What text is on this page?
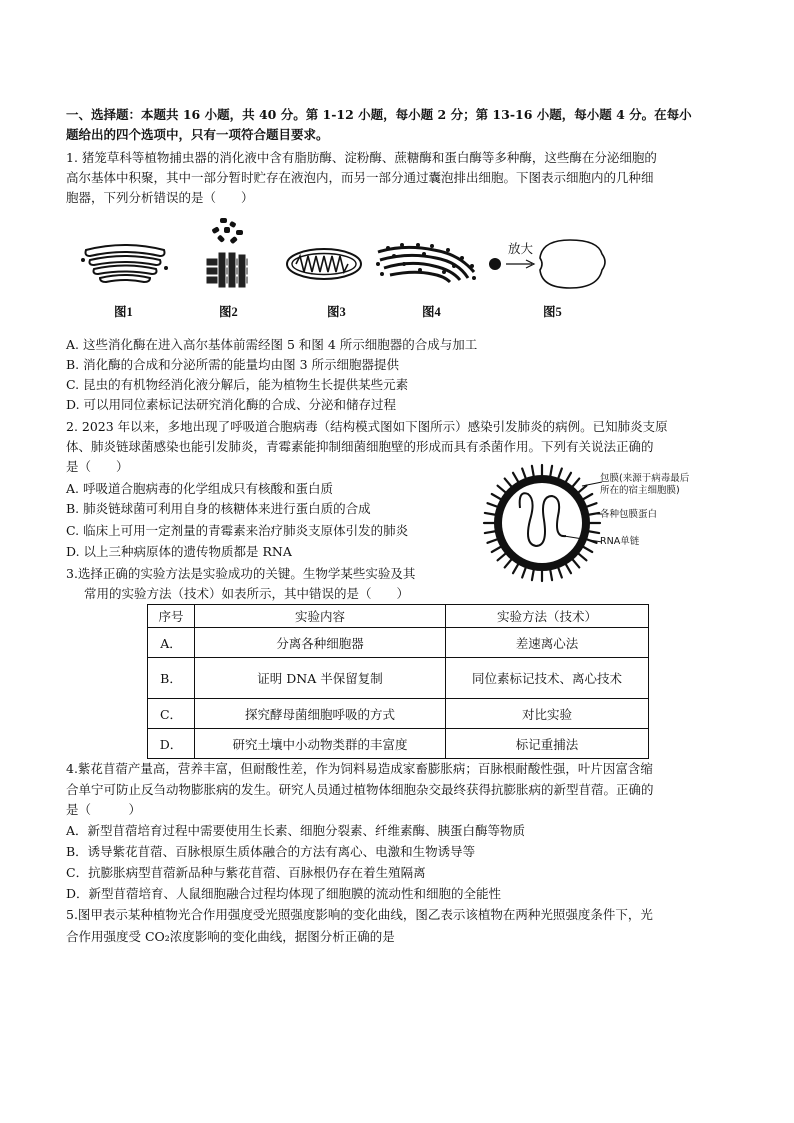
一、选择题：本题共 16 小题，共 40 分。第 1-12 小题，每小题 2 分；第 13-16 小题，每小题 4 分。在每小
题给出的四个选项中，只有一项符合题目要求。
1. 猪笼草科等植物捕虫器的消化液中含有脂肪酶、淀粉酶、蔗糖酶和蛋白酶等多种酶，这些酶在分泌细胞的
高尔基体中积聚，其中一部分暂时贮存在液泡内，而另一部分通过囊泡排出细胞。下图表示细胞内的几种细
胞器，下列分析错误的是（　　）
放大
图1	图2	图3	图4	图5
A. 这些消化酶在进入高尔基体前需经图 5 和图 4 所示细胞器的合成与加工
B. 消化酶的合成和分泌所需的能量均由图 3 所示细胞器提供
C. 昆虫的有机物经消化液分解后，能为植物生长提供某些元素
D. 可以用同位素标记法研究消化酶的合成、分泌和储存过程
2. 2023 年以来，多地出现了呼吸道合胞病毒（结构模式图如下图所示）感染引发肺炎的病例。已知肺炎支原
体、肺炎链球菌感染也能引发肺炎，青霉素能抑制细菌细胞壁的形成而具有杀菌作用。下列有关说法正确的
是（　　）
A. 呼吸道合胞病毒的化学组成只有核酸和蛋白质
B. 肺炎链球菌可利用自身的核糖体来进行蛋白质的合成
C. 临床上可用一定剂量的青霉素来治疗肺炎支原体引发的肺炎
D. 以上三种病原体的遗传物质都是 RNA
包膜(来源于病毒最后
所在的宿主细胞膜)
各种包膜蛋白
RNA单链
3.选择正确的实验方法是实验成功的关键。生物学某些实验及其
常用的实验方法（技术）如表所示，其中错误的是（　　）
序号	实验内容	实验方法（技术）
A．	分离各种细胞器	差速离心法
B．	证明 DNA 半保留复制	同位素标记技术、离心技术
C．	探究酵母菌细胞呼吸的方式	对比实验
D．	研究土壤中小动物类群的丰富度	标记重捕法
4.紫花苜蓿产量高，营养丰富，但耐酸性差，作为饲料易造成家畜膨胀病；百脉根耐酸性强，叶片因富含缩
合单宁可防止反刍动物膨胀病的发生。研究人员通过植物体细胞杂交最终获得抗膨胀病的新型苜蓿。正确的
是（　　　）
A．新型苜蓿培育过程中需要使用生长素、细胞分裂素、纤维素酶、胰蛋白酶等物质
B．诱导紫花苜蓿、百脉根原生质体融合的方法有离心、电激和生物诱导等
C．抗膨胀病型苜蓿新品种与紫花苜蓿、百脉根仍存在着生殖隔离
D．新型苜蓿培育、人鼠细胞融合过程均体现了细胞膜的流动性和细胞的全能性
5.图甲表示某种植物光合作用强度受光照强度影响的变化曲线，图乙表示该植物在两种光照强度条件下，光
合作用强度受 CO₂浓度影响的变化曲线，据图分析正确的是
